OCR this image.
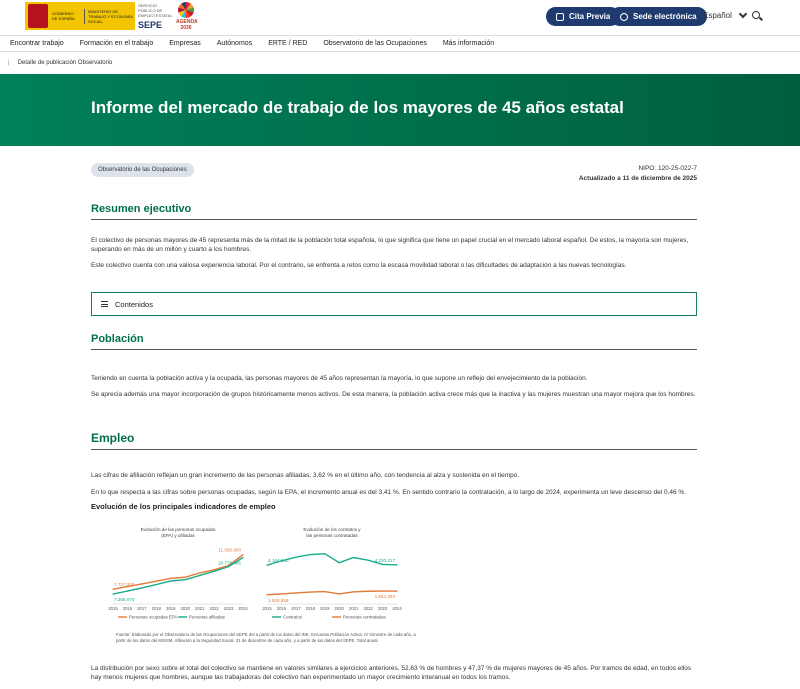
GOBIERNO DE ESPAÑA
MINISTERIO DE TRABAJO Y ECONOMÍA SOCIAL
SERVICIO PÚBLICO DE EMPLEO ESTATAL
SEPE	AGENDA 2030
Cita Previa	Sede electrónica Español
Encontrar trabajo Formación en el trabajo Empresas Autónomos ERTE / RED Observatorio de las Ocupaciones Más información
| Detalle de publicación Observatorio
Informe del mercado de trabajo de los mayores de 45 años estatal
Observatorio de las Ocupaciones	NIPO: 120-25-022-7
Actualizado a 11 de diciembre de 2025
Resumen ejecutivo
El colectivo de personas mayores de 45 representa más de la mitad de la población total española, lo que significa que tiene un papel crucial en el mercado laboral español. De estos, la mayoría son mujeres, superando en más de un millón y cuarto a los hombres.
Este colectivo cuenta con una valiosa experiencia laboral. Por el contrario, se enfrenta a retos como la escasa movilidad laboral o las dificultades de adaptación a las nuevas tecnologías.
Contenidos
Población
Teniendo en cuenta la población activa y la ocupada, las personas mayores de 45 años representan la mayoría, lo que supone un reflejo del envejecimiento de la población.
Se aprecia además una mayor incorporación de grupos históricamente menos activos. De esta manera, la población activa crece más que la inactiva y las mujeres muestran una mayor mejora que los hombres.
Empleo
Las cifras de afiliación reflejan un gran incremento de las personas afiliadas, 3,62 % en el último año, con tendencia al alza y sostenida en el tiempo.
En lo que respecta a las cifras sobre personas ocupadas, según la EPA, el incremento anual es del 3,41 %. En sentido contrario la contratación, a lo largo de 2024, experimenta un leve descenso del 0,46 %.
Evolución de los principales indicadores de empleo
Evolución de las personas ocupadas
(EPA) y afiliadas
Personas ocupadas EPA	Personas afiliadas
7.737.300
7.266.970
11.050.900
10.778.485
2015 2016 2017 2018 2019 2020 2021 2022 2023 2024
Evolución de los contratos y
las personas contratadas
Contratos	Personas contratadas
4.184.340
1.626.556
4.220.317
1.944.294
2015 2016 2017 2018 2019 2020 2021 2022 2023 2024
Fuente: Elaborado por el Observatorio de las Ocupaciones del SEPE del a partir de los datos del INE, Encuesta Población Activa. IV trimestre de cada año, a partir de los datos del MISSM, Afiliación a la Seguridad Social. 31 de diciembre de cada año, y a partir de los datos del SEPE. Total anual.
La distribución por sexo sobre el total del colectivo se mantiene en valores similares a ejercicios anteriores, 52,63 % de hombres y 47,37 % de mujeres mayores de 45 años. Por tramos de edad, en todos ellos hay menos mujeres que hombres, aunque las trabajadoras del colectivo han experimentado un mayor crecimiento interanual en todos los tramos.
